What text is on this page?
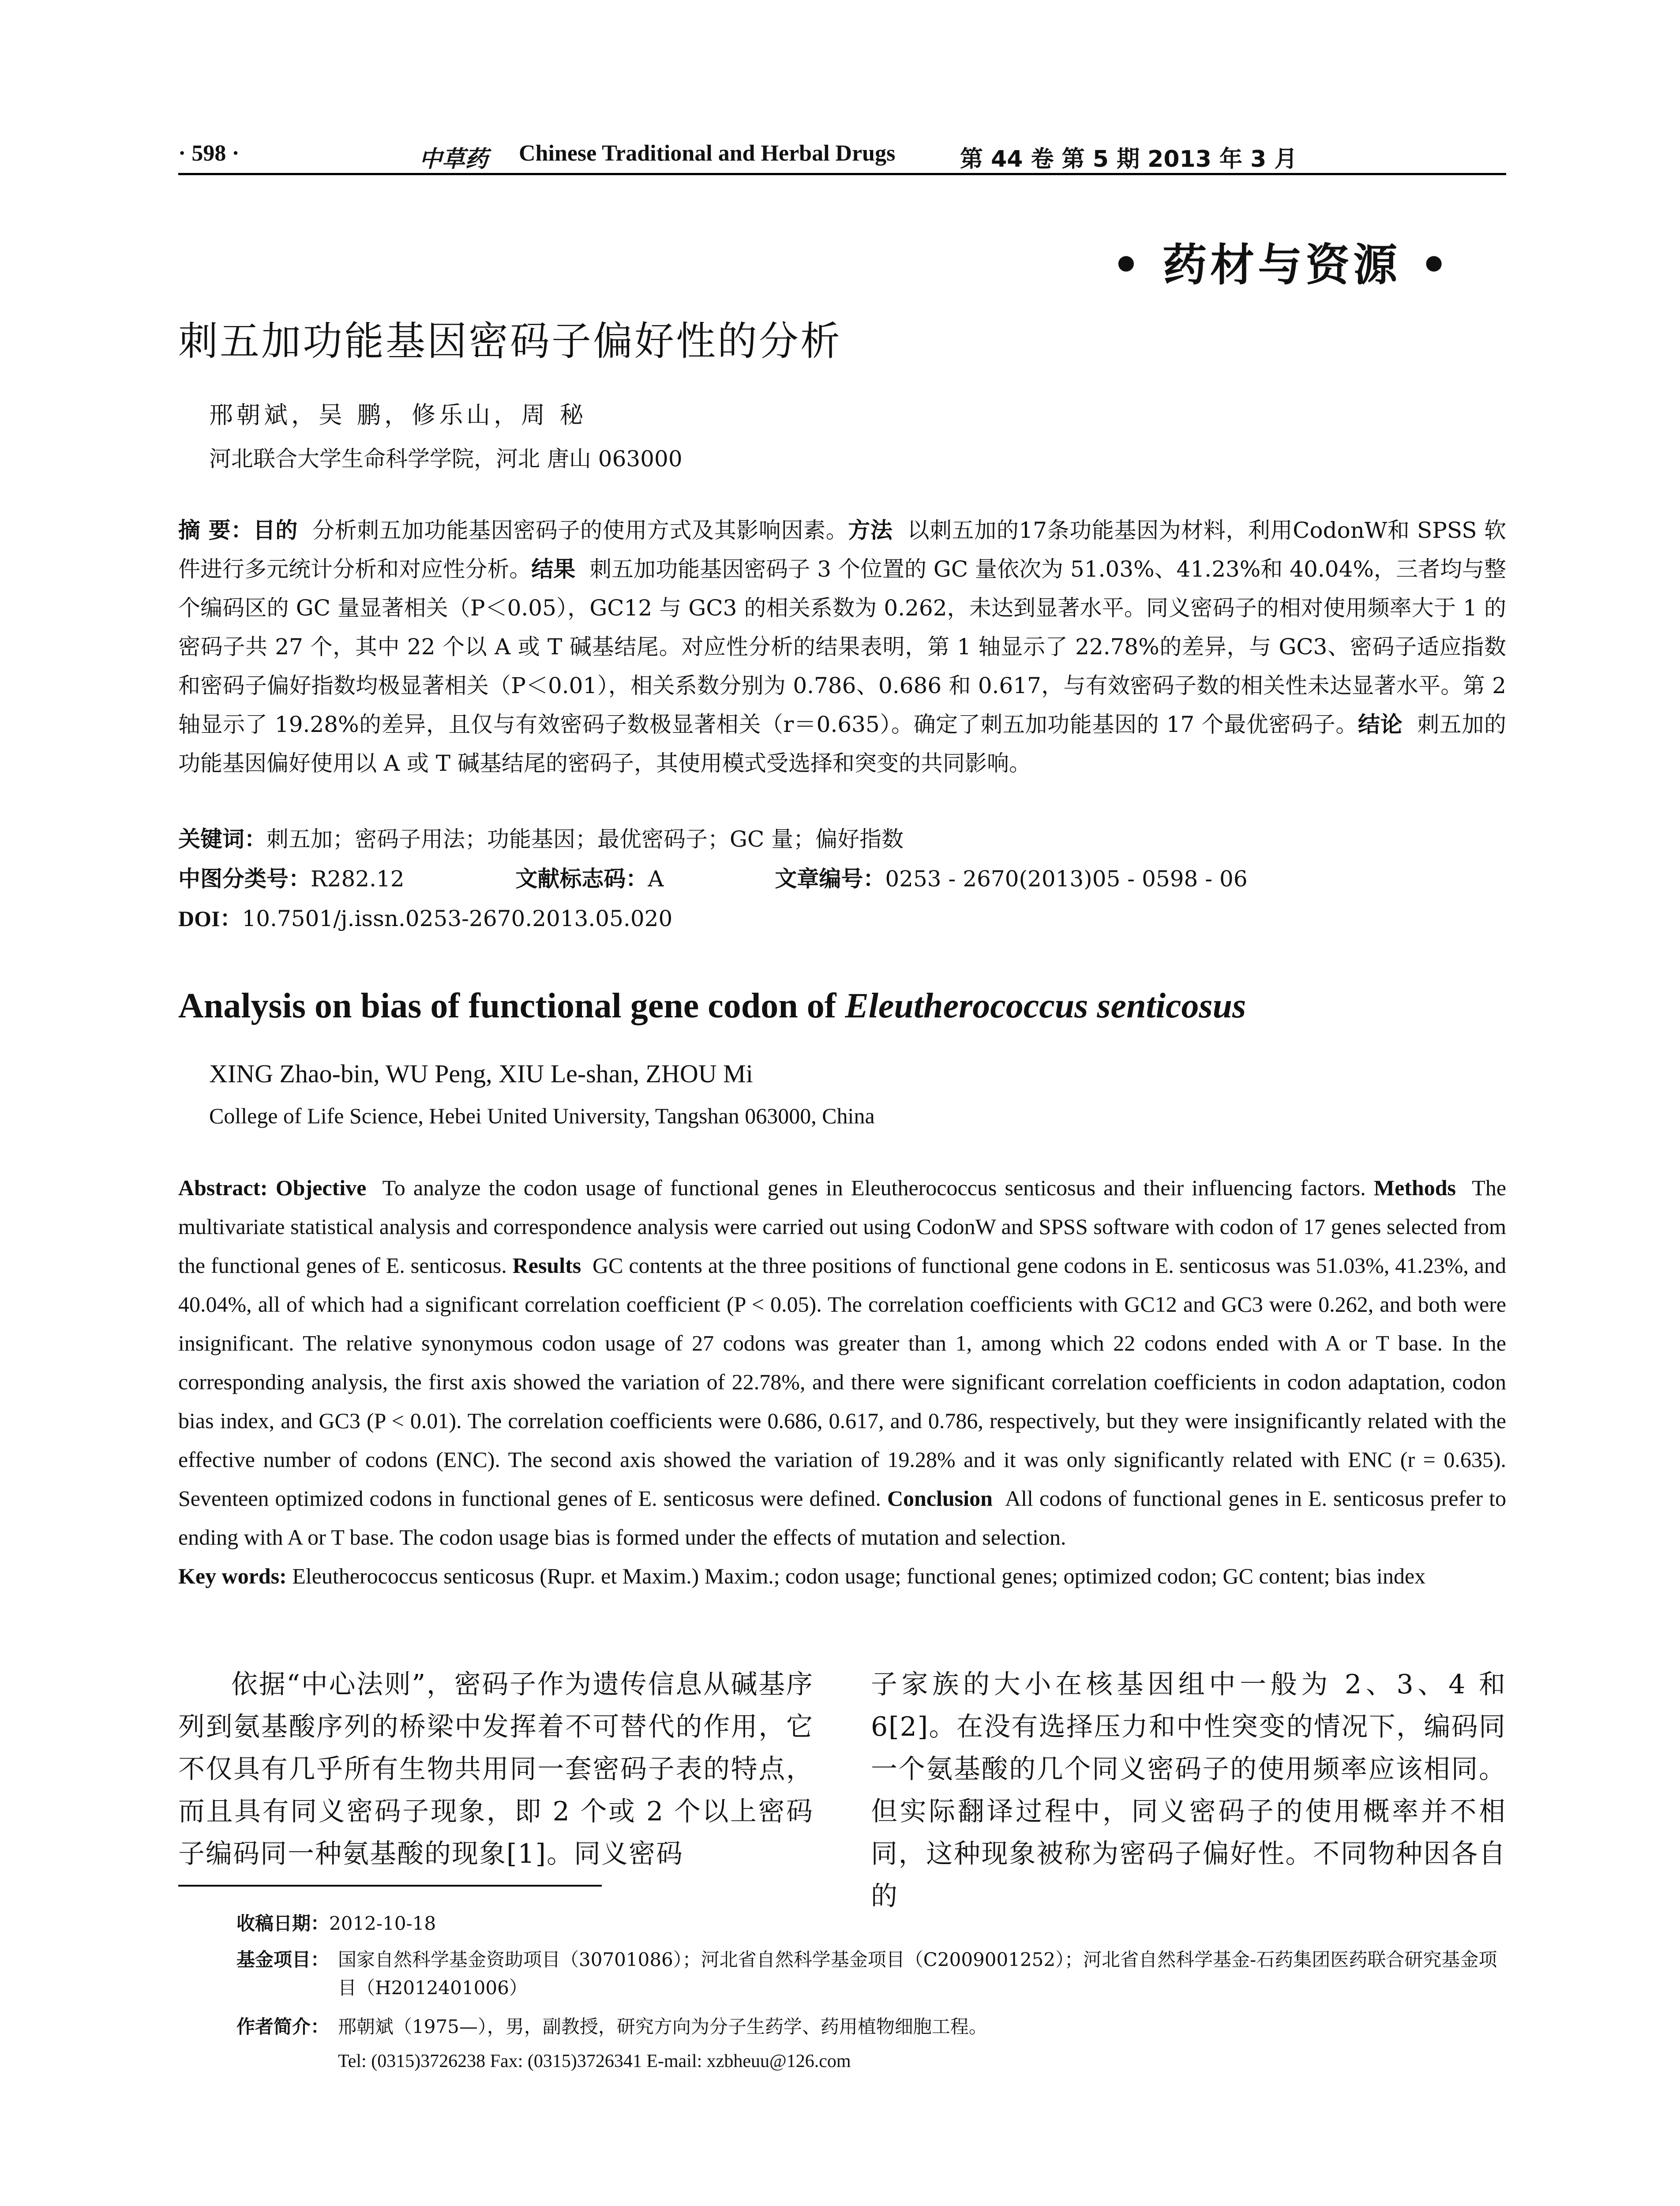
· 598 ·	中草药 Chinese Traditional and Herbal Drugs	第 44 卷 第 5 期 2013 年 3 月
• 药材与资源 •
刺五加功能基因密码子偏好性的分析
邢朝斌，吴 鹏，修乐山，周 秘
河北联合大学生命科学学院，河北 唐山 063000
摘 要：目的 分析刺五加功能基因密码子的使用方式及其影响因素。方法 以刺五加的17条功能基因为材料，利用CodonW和 SPSS 软件进行多元统计分析和对应性分析。结果 刺五加功能基因密码子 3 个位置的 GC 量依次为 51.03%、41.23%和 40.04%，三者均与整个编码区的 GC 量显著相关（P＜0.05），GC12 与 GC3 的相关系数为 0.262，未达到显著水平。同义密码子的相对使用频率大于 1 的密码子共 27 个，其中 22 个以 A 或 T 碱基结尾。对应性分析的结果表明，第 1 轴显示了 22.78%的差异，与 GC3、密码子适应指数和密码子偏好指数均极显著相关（P＜0.01），相关系数分别为 0.786、0.686 和 0.617，与有效密码子数的相关性未达显著水平。第 2 轴显示了 19.28%的差异，且仅与有效密码子数极显著相关（r＝0.635）。确定了刺五加功能基因的 17 个最优密码子。结论 刺五加的功能基因偏好使用以 A 或 T 碱基结尾的密码子，其使用模式受选择和突变的共同影响。
关键词：刺五加；密码子用法；功能基因；最优密码子；GC 量；偏好指数
中图分类号：R282.12	文献标志码：A	文章编号：0253 - 2670(2013)05 - 0598 - 06
DOI：10.7501/j.issn.0253-2670.2013.05.020
Analysis on bias of functional gene codon of Eleutherococcus senticosus
XING Zhao-bin, WU Peng, XIU Le-shan, ZHOU Mi
College of Life Science, Hebei United University, Tangshan 063000, China
Abstract: Objective To analyze the codon usage of functional genes in Eleutherococcus senticosus and their influencing factors. Methods The multivariate statistical analysis and correspondence analysis were carried out using CodonW and SPSS software with codon of 17 genes selected from the functional genes of E. senticosus. Results GC contents at the three positions of functional gene codons in E. senticosus was 51.03%, 41.23%, and 40.04%, all of which had a significant correlation coefficient (P < 0.05). The correlation coefficients with GC12 and GC3 were 0.262, and both were insignificant. The relative synonymous codon usage of 27 codons was greater than 1, among which 22 codons ended with A or T base. In the corresponding analysis, the first axis showed the variation of 22.78%, and there were significant correlation coefficients in codon adaptation, codon bias index, and GC3 (P < 0.01). The correlation coefficients were 0.686, 0.617, and 0.786, respectively, but they were insignificantly related with the effective number of codons (ENC). The second axis showed the variation of 19.28% and it was only significantly related with ENC (r = 0.635). Seventeen optimized codons in functional genes of E. senticosus were defined. Conclusion All codons of functional genes in E. senticosus prefer to ending with A or T base. The codon usage bias is formed under the effects of mutation and selection.
Key words: Eleutherococcus senticosus (Rupr. et Maxim.) Maxim.; codon usage; functional genes; optimized codon; GC content; bias index
依据“中心法则”，密码子作为遗传信息从碱基序列到氨基酸序列的桥梁中发挥着不可替代的作用，它不仅具有几乎所有生物共用同一套密码子表的特点，而且具有同义密码子现象，即 2 个或 2 个以上密码子编码同一种氨基酸的现象[1]。同义密码
子家族的大小在核基因组中一般为 2、3、4 和 6[2]。在没有选择压力和中性突变的情况下，编码同一个氨基酸的几个同义密码子的使用频率应该相同。但实际翻译过程中，同义密码子的使用概率并不相同，这种现象被称为密码子偏好性。不同物种因各自的
收稿日期：2012-10-18
基金项目： 国家自然科学基金资助项目（30701086）；河北省自然科学基金项目（C2009001252）；河北省自然科学基金-石药集团医药联合研究基金项目（H2012401006）
作者简介： 邢朝斌（1975—），男，副教授，研究方向为分子生药学、药用植物细胞工程。
Tel: (0315)3726238 Fax: (0315)3726341 E-mail: xzbheuu@126.com
